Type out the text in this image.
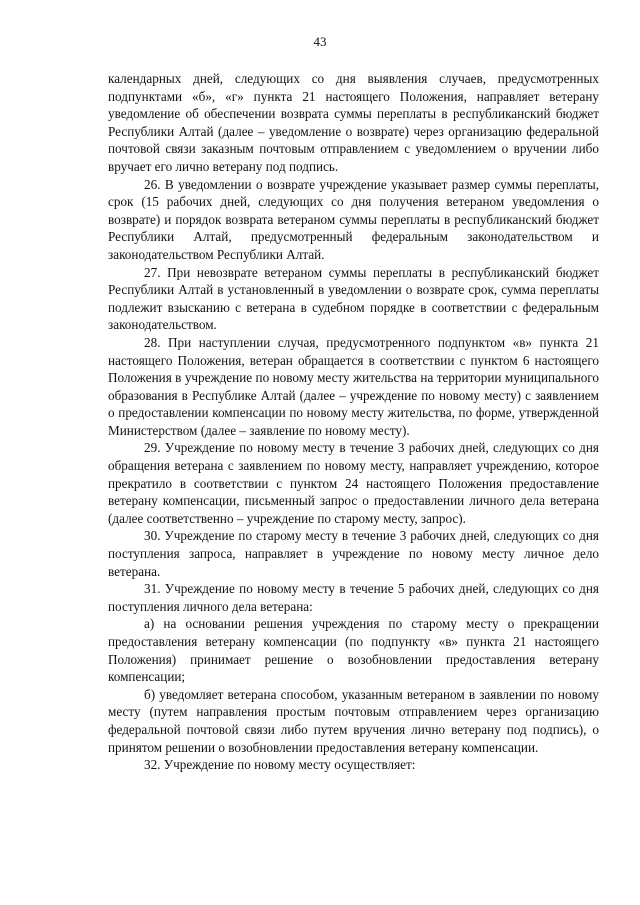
43

календарных дней, следующих со дня выявления случаев, предусмотренных подпунктами «б», «г» пункта 21 настоящего Положения, направляет ветерану уведомление об обеспечении возврата суммы переплаты в республиканский бюджет Республики Алтай (далее – уведомление о возврате) через организацию федеральной почтовой связи заказным почтовым отправлением с уведомлением о вручении либо вручает его лично ветерану под подпись.

26. В уведомлении о возврате учреждение указывает размер суммы переплаты, срок (15 рабочих дней, следующих со дня получения ветераном уведомления о возврате) и порядок возврата ветераном суммы переплаты в республиканский бюджет Республики Алтай, предусмотренный федеральным законодательством и законодательством Республики Алтай.

27. При невозврате ветераном суммы переплаты в республиканский бюджет Республики Алтай в установленный в уведомлении о возврате срок, сумма переплаты подлежит взысканию с ветерана в судебном порядке в соответствии с федеральным законодательством.

28. При наступлении случая, предусмотренного подпунктом «в» пункта 21 настоящего Положения, ветеран обращается в соответствии с пунктом 6 настоящего Положения в учреждение по новому месту жительства на территории муниципального образования в Республике Алтай (далее – учреждение по новому месту) с заявлением о предоставлении компенсации по новому месту жительства, по форме, утвержденной Министерством (далее – заявление по новому месту).

29. Учреждение по новому месту в течение 3 рабочих дней, следующих со дня обращения ветерана с заявлением по новому месту, направляет учреждению, которое прекратило в соответствии с пунктом 24 настоящего Положения предоставление ветерану компенсации, письменный запрос о предоставлении личного дела ветерана (далее соответственно – учреждение по старому месту, запрос).

30. Учреждение по старому месту в течение 3 рабочих дней, следующих со дня поступления запроса, направляет в учреждение по новому месту личное дело ветерана.

31. Учреждение по новому месту в течение 5 рабочих дней, следующих со дня поступления личного дела ветерана:

а) на основании решения учреждения по старому месту о прекращении предоставления ветерану компенсации (по подпункту «в» пункта 21 настоящего Положения) принимает решение о возобновлении предоставления ветерану компенсации;

б) уведомляет ветерана способом, указанным ветераном в заявлении по новому месту (путем направления простым почтовым отправлением через организацию федеральной почтовой связи либо путем вручения лично ветерану под подпись), о принятом решении о возобновлении предоставления ветерану компенсации.

32. Учреждение по новому месту осуществляет:
